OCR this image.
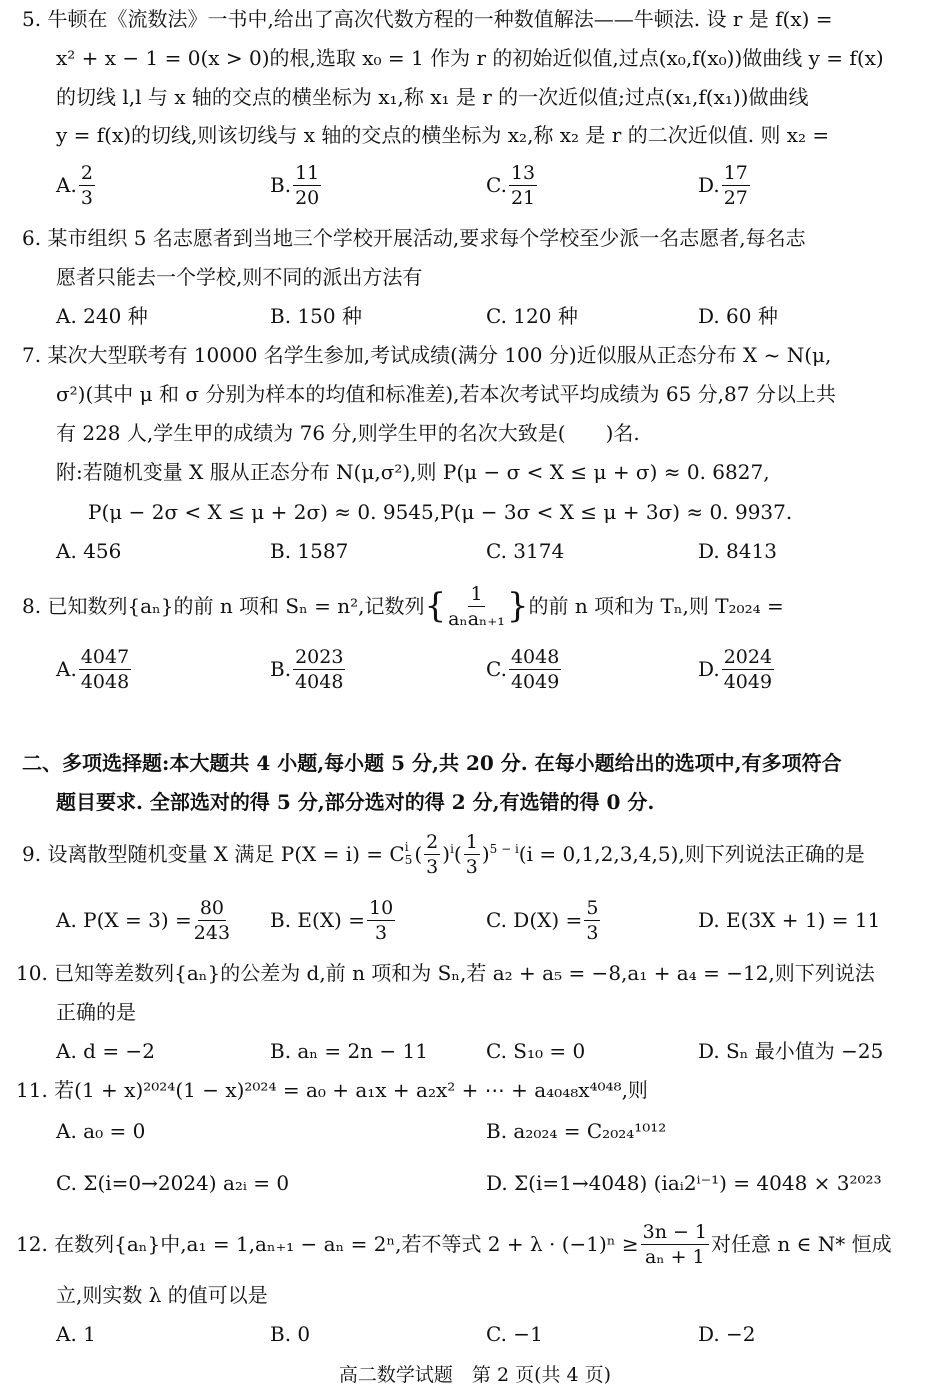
5. 牛顿在《流数法》一书中,给出了高次代数方程的一种数值解法——牛顿法. 设 r 是 f(x) =
x² + x − 1 = 0(x > 0)的根,选取 x₀ = 1 作为 r 的初始近似值,过点(x₀,f(x₀))做曲线 y = f(x)
的切线 l,l 与 x 轴的交点的横坐标为 x₁,称 x₁ 是 r 的一次近似值;过点(x₁,f(x₁))做曲线
y = f(x)的切线,则该切线与 x 轴的交点的横坐标为 x₂,称 x₂ 是 r 的二次近似值. 则 x₂ =
A. $\frac{2}{3}$	B. $\frac{11}{20}$	C. $\frac{13}{21}$	D. $\frac{17}{27}$
6. 某市组织 5 名志愿者到当地三个学校开展活动,要求每个学校至少派一名志愿者,每名志
愿者只能去一个学校,则不同的派出方法有
A. 240 种	B. 150 种	C. 120 种	D. 60 种
7. 某次大型联考有 10000 名学生参加,考试成绩(满分 100 分)近似服从正态分布 X ~ N(μ,
σ²)(其中 μ 和 σ 分别为样本的均值和标准差),若本次考试平均成绩为 65 分,87 分以上共
有 228 人,学生甲的成绩为 76 分,则学生甲的名次大致是(　　)名.
附:若随机变量 X 服从正态分布 N(μ,σ²),则 P(μ − σ < X ≤ μ + σ) ≈ 0. 6827,
P(μ − 2σ < X ≤ μ + 2σ) ≈ 0. 9545,P(μ − 3σ < X ≤ μ + 3σ) ≈ 0. 9937.
A. 456	B. 1587	C. 3174	D. 8413
8. 已知数列{aₙ}的前 n 项和 Sₙ = n²,记数列 { $\frac{1}{\text{aₙaₙ₊₁}}$ } 的前 n 项和为 Tₙ,则 T₂₀₂₄ =
A. $\frac{4047}{4048}$	B. $\frac{2023}{4048}$	C. $\frac{4048}{4049}$	D. $\frac{2024}{4049}$
二、多项选择题:本大题共 4 小题,每小题 5 分,共 20 分. 在每小题给出的选项中,有多项符合
题目要求. 全部选对的得 5 分,部分选对的得 2 分,有选错的得 0 分.
9. 设离散型随机变量 X 满足 P(X = i) = C i
5 ( $\frac{2}{3} )^i$ ( $\frac{1}{3} )^{5 - i}$ (i = 0,1,2,3,4,5),则下列说法正确的是
A. $P(X = 3) = \frac{80}{243} B$. $E(X) = \frac{10}{3}$	C. $D(X) = \frac{5}{3}$	D. E(3X + 1) = 11
10. 已知等差数列{aₙ}的公差为 d,前 n 项和为 Sₙ,若 a₂ + a₅ = −8,a₁ + a₄ = −12,则下列说法
正确的是
A. d = −2	B. aₙ = 2n − 11	C. S₁₀ = 0	D. Sₙ 最小值为 −25
11. 若(1 + x)²⁰²⁴(1 − x)²⁰²⁴ = a₀ + a₁x + a₂x² + ⋯ + a₄₀₄₈x⁴⁰⁴⁸,则
A. a₀ = 0	B. a₂₀₂₄ = C₂₀₂₄¹⁰¹²
C. Σ(i=0→2024) a₂ᵢ = 0	D. Σ(i=1→4048) (iaᵢ2ⁱ⁻¹) = 4048 × 3²⁰²³
12. 在数列{aₙ}中,a₁ = 1,aₙ₊₁ − aₙ = 2ⁿ,若不等式 $2 + \lambda \cdot (-1)^n \ge \frac{3n - 1}{\text{aₙ + 1}}$ 对任意 n ∈ N* 恒成
立,则实数 λ 的值可以是
A. 1	B. 0	C. −1	D. −2
高二数学试题　第 2 页(共 4 页)
